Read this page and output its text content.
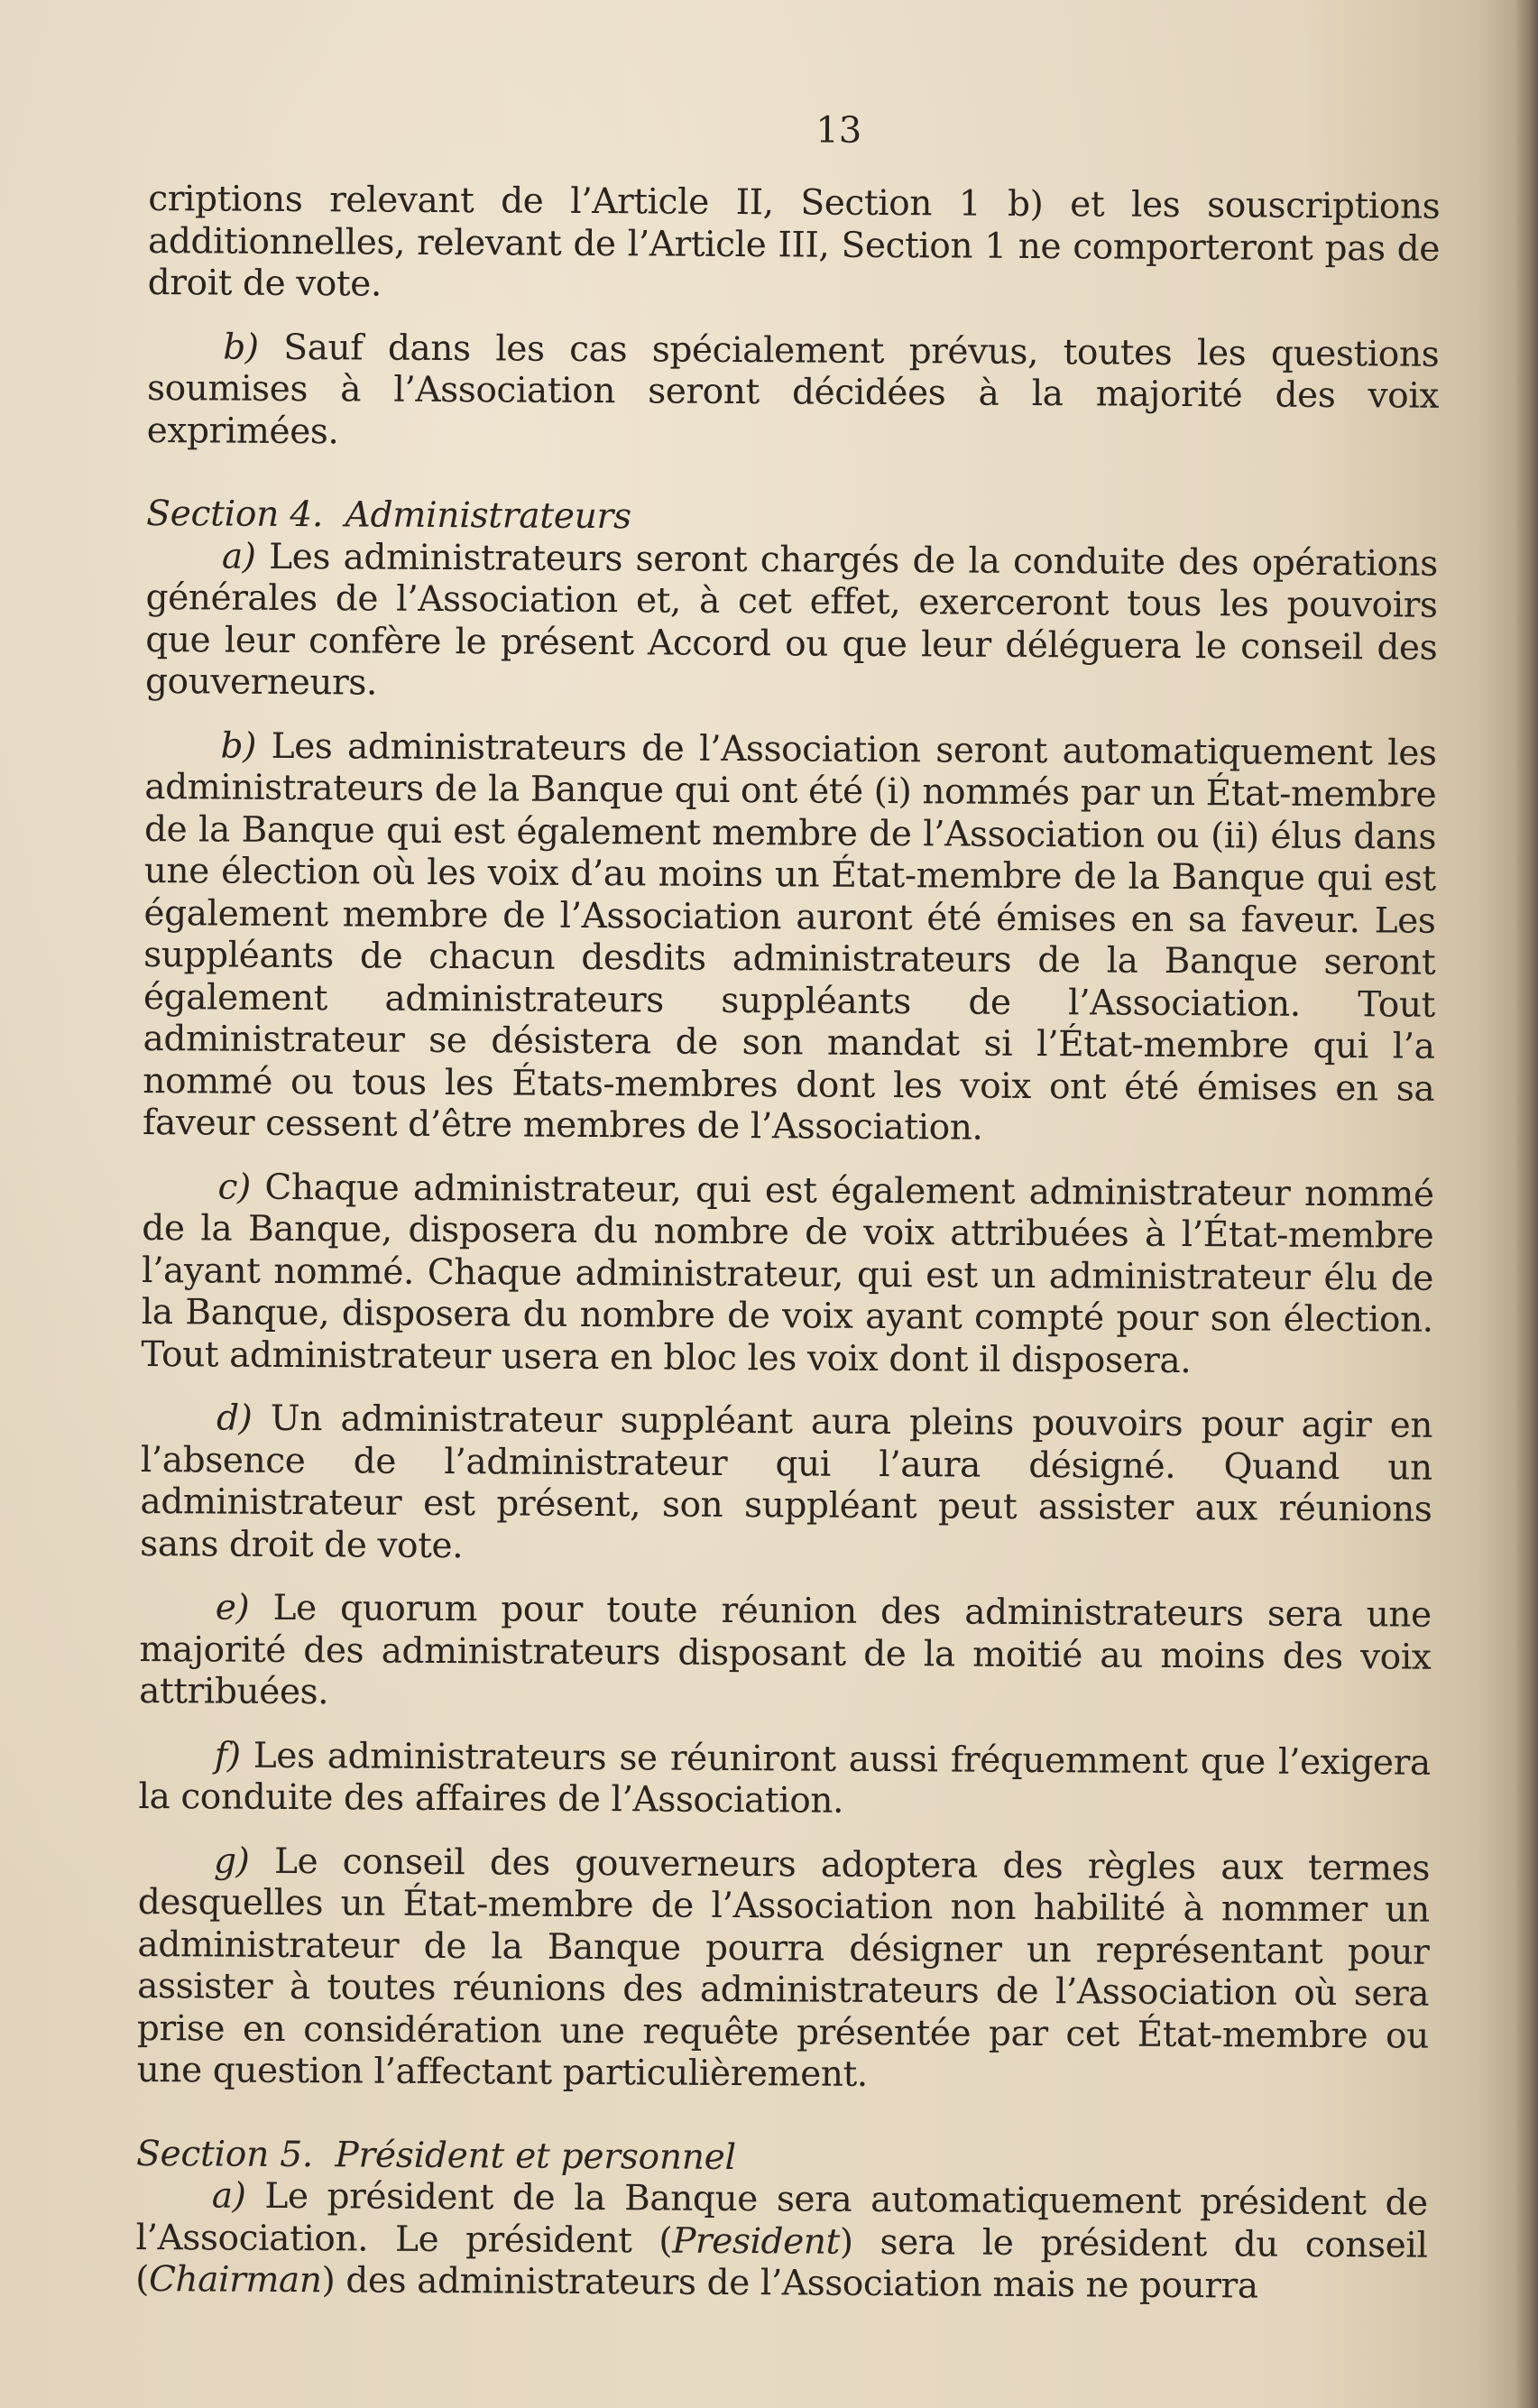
13

criptions relevant de l’Article II, Section 1 b) et les souscriptions additionnelles, relevant de l’Article III, Section 1 ne comporteront pas de droit de vote.

b) Sauf dans les cas spécialement prévus, toutes les questions soumises à l’Association seront décidées à la majorité des voix exprimées.

Section 4. Administrateurs

a) Les administrateurs seront chargés de la conduite des opérations générales de l’Association et, à cet effet, exerceront tous les pouvoirs que leur confère le présent Accord ou que leur déléguera le conseil des gouverneurs.

b) Les administrateurs de l’Association seront automatiquement les administrateurs de la Banque qui ont été (i) nommés par un État-membre de la Banque qui est également membre de l’Association ou (ii) élus dans une élection où les voix d’au moins un État-membre de la Banque qui est également membre de l’Association auront été émises en sa faveur. Les suppléants de chacun desdits administrateurs de la Banque seront également administrateurs suppléants de l’Association. Tout administrateur se désistera de son mandat si l’État-membre qui l’a nommé ou tous les États-membres dont les voix ont été émises en sa faveur cessent d’être membres de l’Association.

c) Chaque administrateur, qui est également administrateur nommé de la Banque, disposera du nombre de voix attribuées à l’État-membre l’ayant nommé. Chaque administrateur, qui est un administrateur élu de la Banque, disposera du nombre de voix ayant compté pour son élection. Tout administrateur usera en bloc les voix dont il disposera.

d) Un administrateur suppléant aura pleins pouvoirs pour agir en l’absence de l’administrateur qui l’aura désigné. Quand un administrateur est présent, son suppléant peut assister aux réunions sans droit de vote.

e) Le quorum pour toute réunion des administrateurs sera une majorité des administrateurs disposant de la moitié au moins des voix attribuées.

f) Les administrateurs se réuniront aussi fréquemment que l’exigera la conduite des affaires de l’Association.

g) Le conseil des gouverneurs adoptera des règles aux termes desquelles un État-membre de l’Association non habilité à nommer un administrateur de la Banque pourra désigner un représentant pour assister à toutes réunions des administrateurs de l’Association où sera prise en considération une requête présentée par cet État-membre ou une question l’affectant particulièrement.

Section 5. Président et personnel

a) Le président de la Banque sera automatiquement président de l’Association. Le président (President) sera le président du conseil (Chairman) des administrateurs de l’Association mais ne pourra
